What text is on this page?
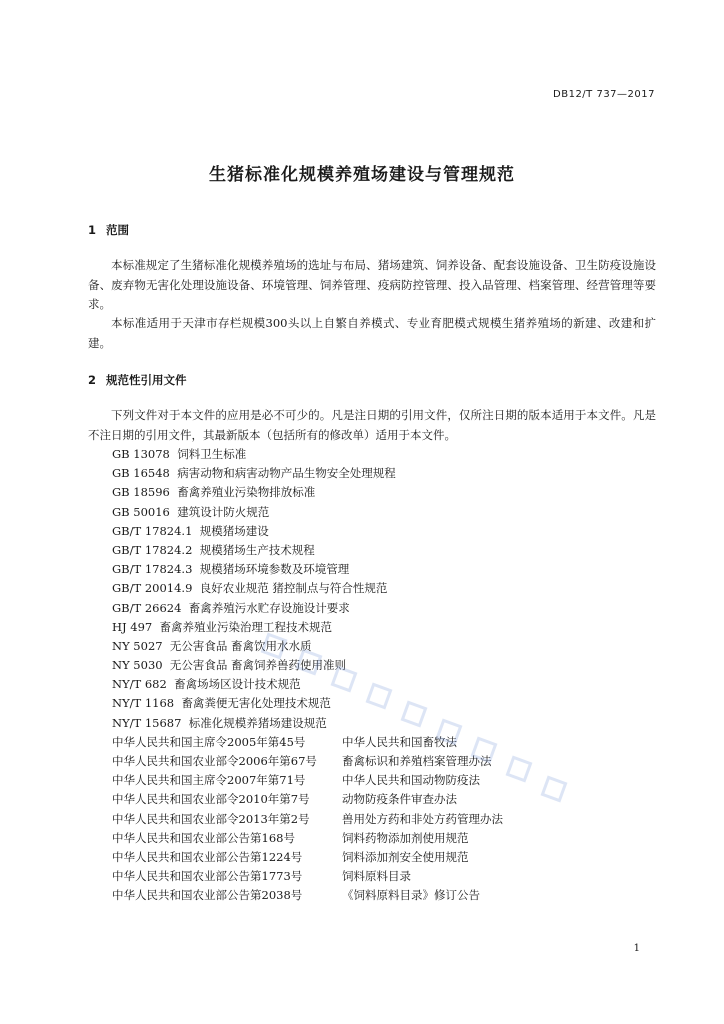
DB12/T 737—2017
生猪标准化规模养殖场建设与管理规范
1 范围
本标准规定了生猪标准化规模养殖场的选址与布局、猪场建筑、饲养设备、配套设施设备、卫生防疫设施设备、废弃物无害化处理设施设备、环境管理、饲养管理、疫病防控管理、投入品管理、档案管理、经营管理等要求。
本标准适用于天津市存栏规模300头以上自繁自养模式、专业育肥模式规模生猪养殖场的新建、改建和扩建。
2 规范性引用文件
下列文件对于本文件的应用是必不可少的。凡是注日期的引用文件，仅所注日期的版本适用于本文件。凡是不注日期的引用文件，其最新版本（包括所有的修改单）适用于本文件。
GB 13078 饲料卫生标准
GB 16548 病害动物和病害动物产品生物安全处理规程
GB 18596 畜禽养殖业污染物排放标准
GB 50016 建筑设计防火规范
GB/T 17824.1 规模猪场建设
GB/T 17824.2 规模猪场生产技术规程
GB/T 17824.3 规模猪场环境参数及环境管理
GB/T 20014.9 良好农业规范 猪控制点与符合性规范
GB/T 26624 畜禽养殖污水贮存设施设计要求
HJ 497 畜禽养殖业污染治理工程技术规范
NY 5027 无公害食品 畜禽饮用水水质
NY 5030 无公害食品 畜禽饲养兽药使用准则
NY/T 682 畜禽场场区设计技术规范
NY/T 1168 畜禽粪便无害化处理技术规范
NY/T 15687 标准化规模养猪场建设规范
中华人民共和国主席令2005年第45号	中华人民共和国畜牧法
中华人民共和国农业部令2006年第67号 畜禽标识和养殖档案管理办法
中华人民共和国主席令2007年第71号	中华人民共和国动物防疫法
中华人民共和国农业部令2010年第7号	动物防疫条件审查办法
中华人民共和国农业部令2013年第2号	兽用处方药和非处方药管理办法
中华人民共和国农业部公告第168号	饲料药物添加剂使用规范
中华人民共和国农业部公告第1224号	饲料添加剂安全使用规范
中华人民共和国农业部公告第1773号	饲料原料目录
中华人民共和国农业部公告第2038号	《饲料原料目录》修订公告
1
